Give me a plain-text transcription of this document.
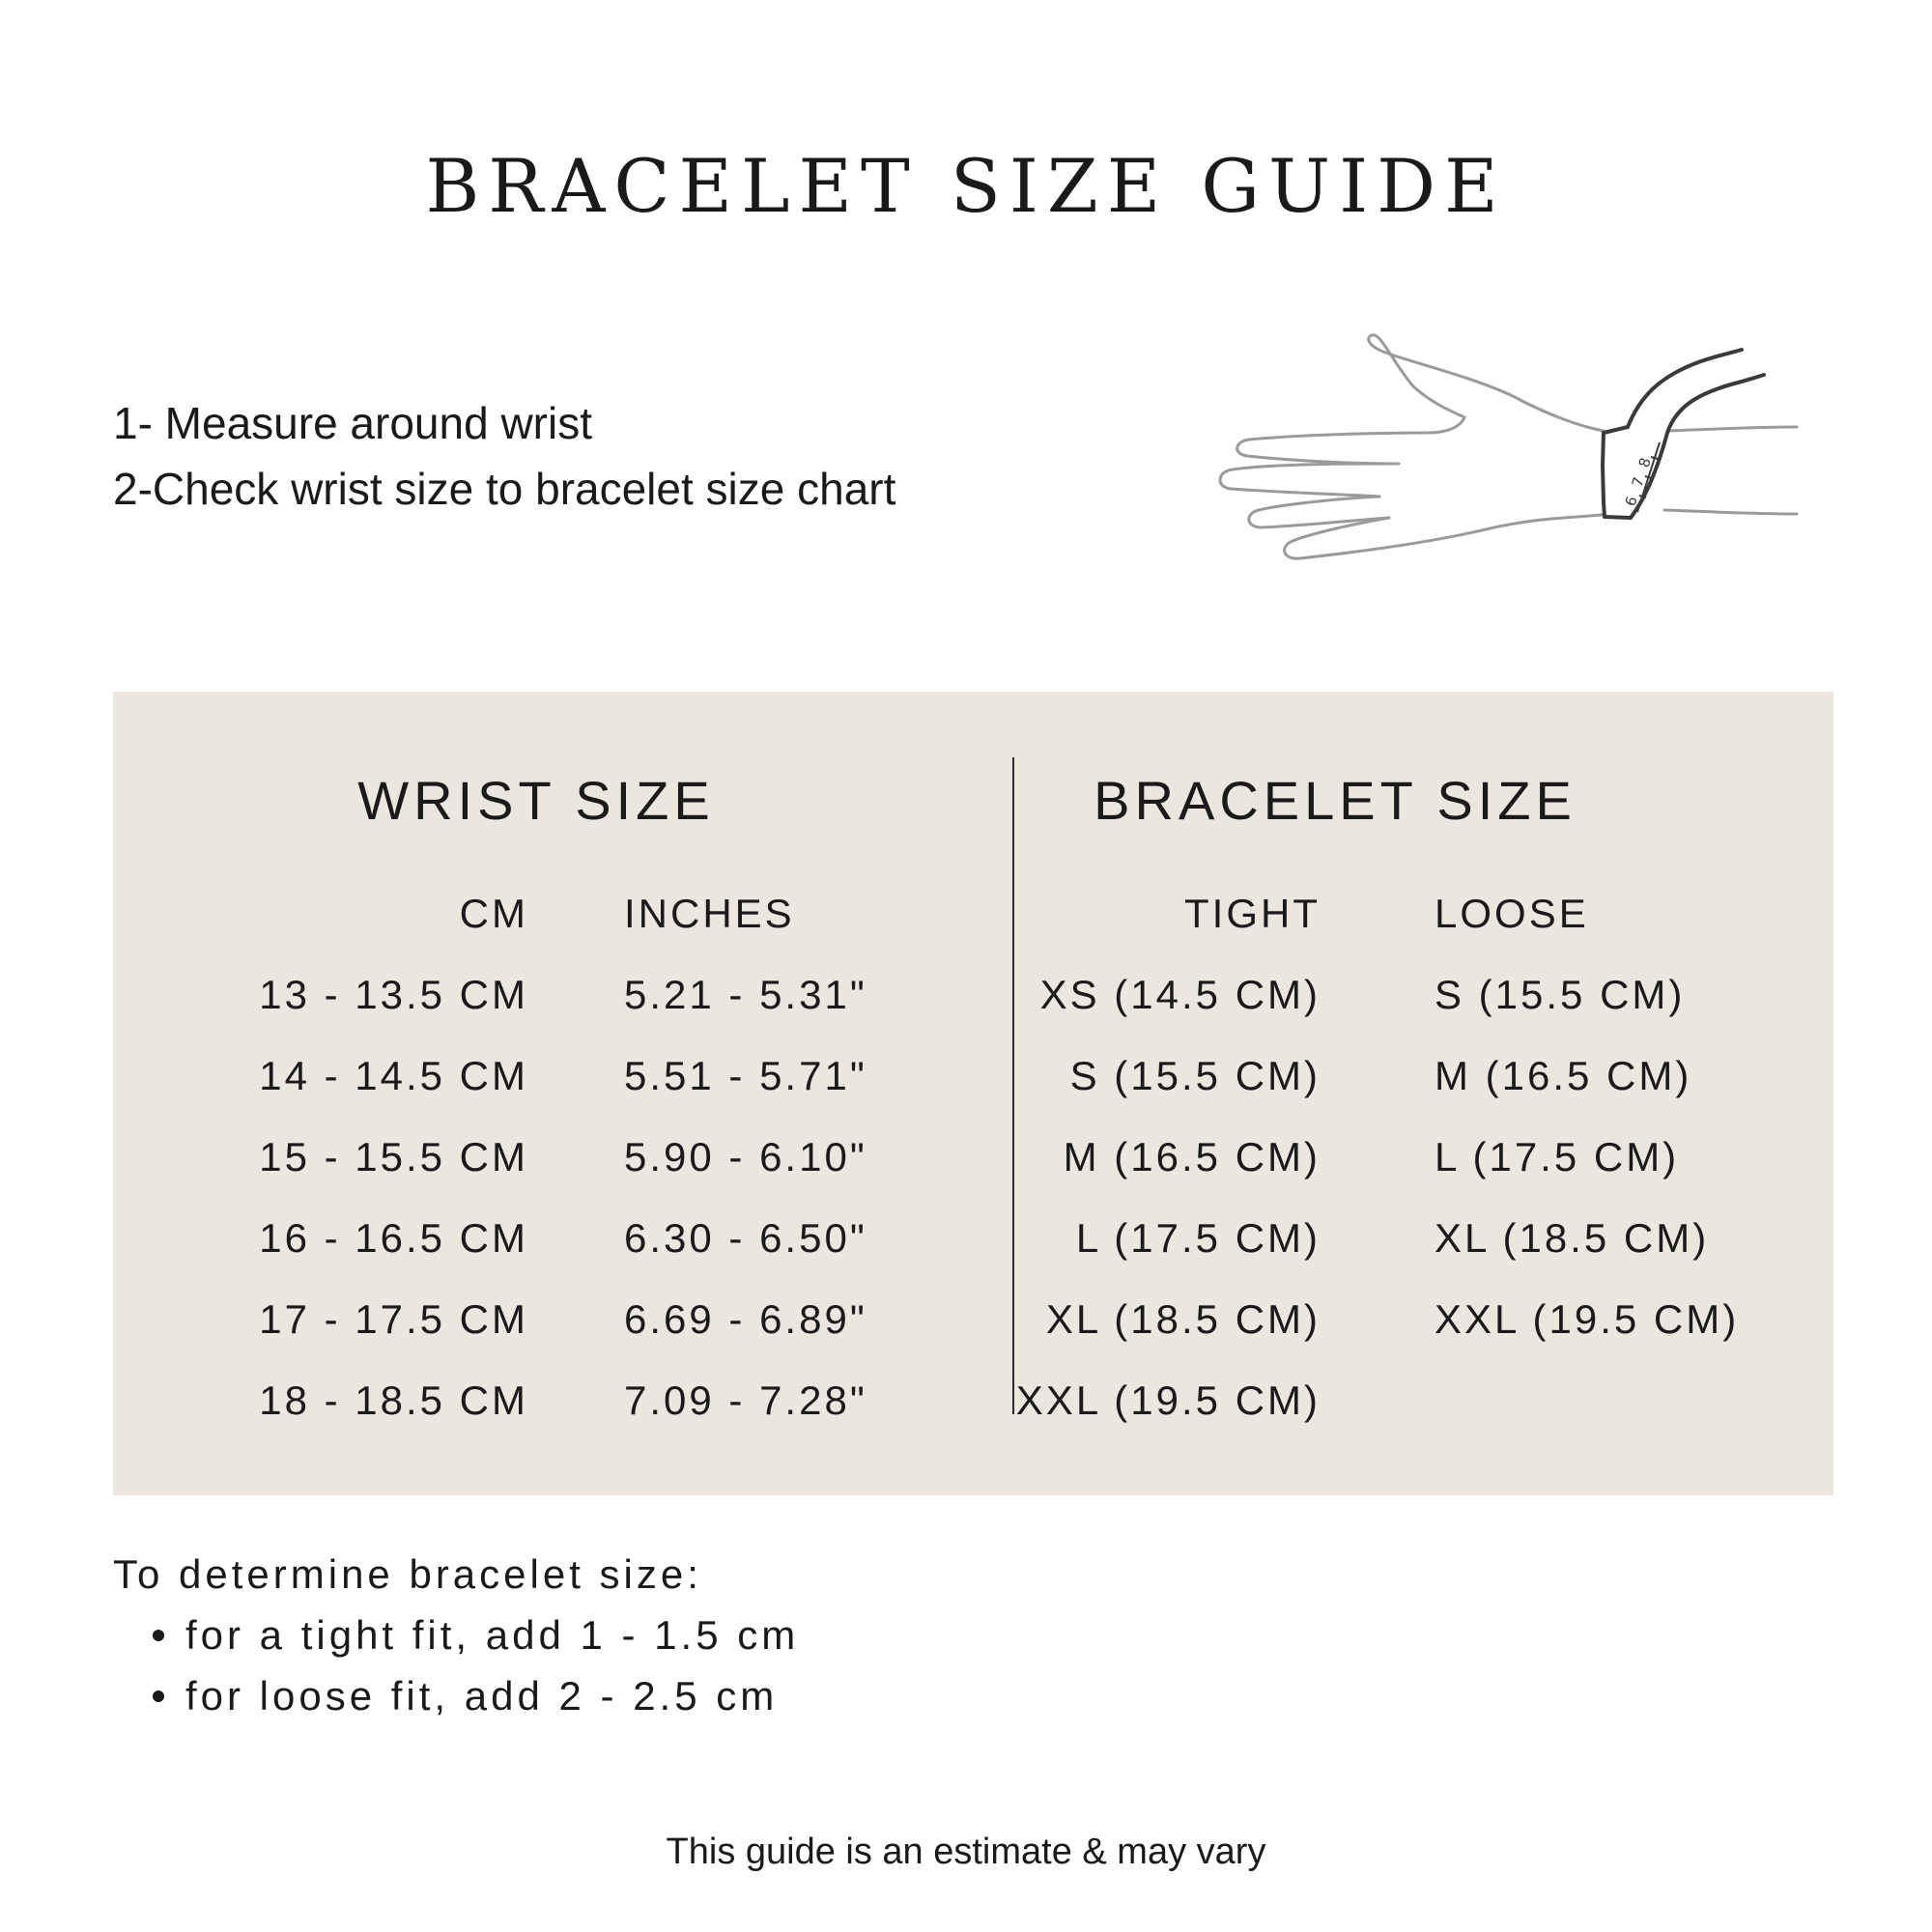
BRACELET SIZE GUIDE
1- Measure around wrist
2-Check wrist size to bracelet size chart	6
7
8
WRIST SIZE	BRACELET SIZE
CM INCHES	TIGHT	LOOSE
13 - 13.5 CM 5.21 - 5.31"	XS (14.5 CM)	S (15.5 CM)
14 - 14.5 CM 5.51 - 5.71"	S (15.5 CM)	M (16.5 CM)
15 - 15.5 CM 5.90 - 6.10"	M (16.5 CM)	L (17.5 CM)
16 - 16.5 CM 6.30 - 6.50"	L (17.5 CM)	XL (18.5 CM)
17 - 17.5 CM 6.69 - 6.89"	XL (18.5 CM)	XXL (19.5 CM)
18 - 18.5 CM 7.09 - 7.28"	XXL (19.5 CM)
To determine bracelet size:
for a tight fit, add 1 - 1.5 cm
for loose fit, add 2 - 2.5 cm
This guide is an estimate & may vary
